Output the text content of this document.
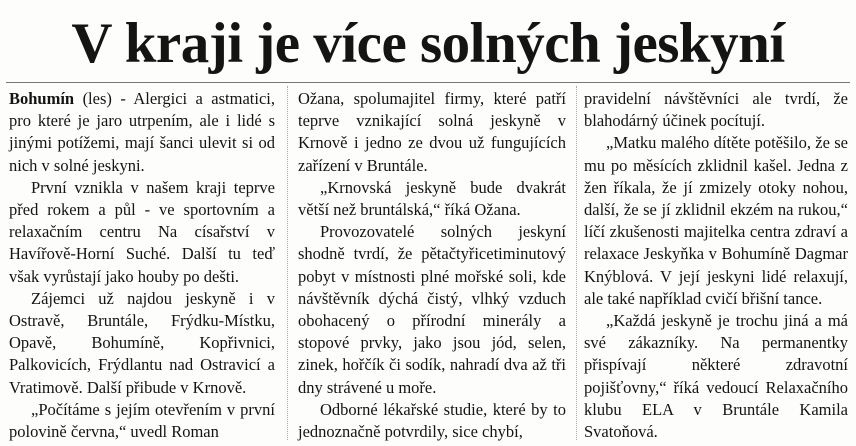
V kraji je více solných jeskyní

Bohumín (les) - Alergici a astmatici, pro které je jaro utrpením, ale i lidé s jinými potížemi, mají šanci ulevit si od nich v solné jeskyni.

První vznikla v našem kraji teprve před rokem a půl - ve sportovním a relaxačním centru Na císařství v Havířově-Horní Suché. Další tu teď však vyrůstají jako houby po dešti.

Zájemci už najdou jeskyně i v Ostravě, Bruntále, Frýdku-Místku, Opavě, Bohumíně, Kopřivnici, Palkovicích, Frýdlantu nad Ostravicí a Vratimově. Další přibude v Krnově.

„Počítáme s jejím otevřením v první polovině června,“ uvedl Roman

Ožana, spolumajitel firmy, které patří teprve vznikající solná jeskyně v Krnově i jedno ze dvou už fungujících zařízení v Bruntále.

„Krnovská jeskyně bude dvakrát větší než bruntálská,“ říká Ožana.

Provozovatelé solných jeskyní shodně tvrdí, že pětačtyřicetiminutový pobyt v místnosti plné mořské soli, kde návštěvník dýchá čistý, vlhký vzduch obohacený o přírodní minerály a stopové prvky, jako jsou jód, selen, zinek, hořčík či sodík, nahradí dva až tři dny strávené u moře.

Odborné lékařské studie, které by to jednoznačně potvrdily, sice chybí,

pravidelní návštěvníci ale tvrdí, že blahodárný účinek pocítují.

„Matku malého dítěte potěšilo, že se mu po měsících zklidnil kašel. Jedna z žen říkala, že jí zmizely otoky nohou, další, že se jí zklidnil ekzém na rukou,“ líčí zkušenosti majitelka centra zdraví a relaxace Jeskyňka v Bohumíně Dagmar Knýblová. V její jeskyni lidé relaxují, ale také například cvičí břišní tance.

„Každá jeskyně je trochu jiná a má své zákazníky. Na permanentky přispívají některé zdravotní pojišťovny,“ říká vedoucí Relaxačního klubu ELA v Bruntále Kamila Svatoňová.
